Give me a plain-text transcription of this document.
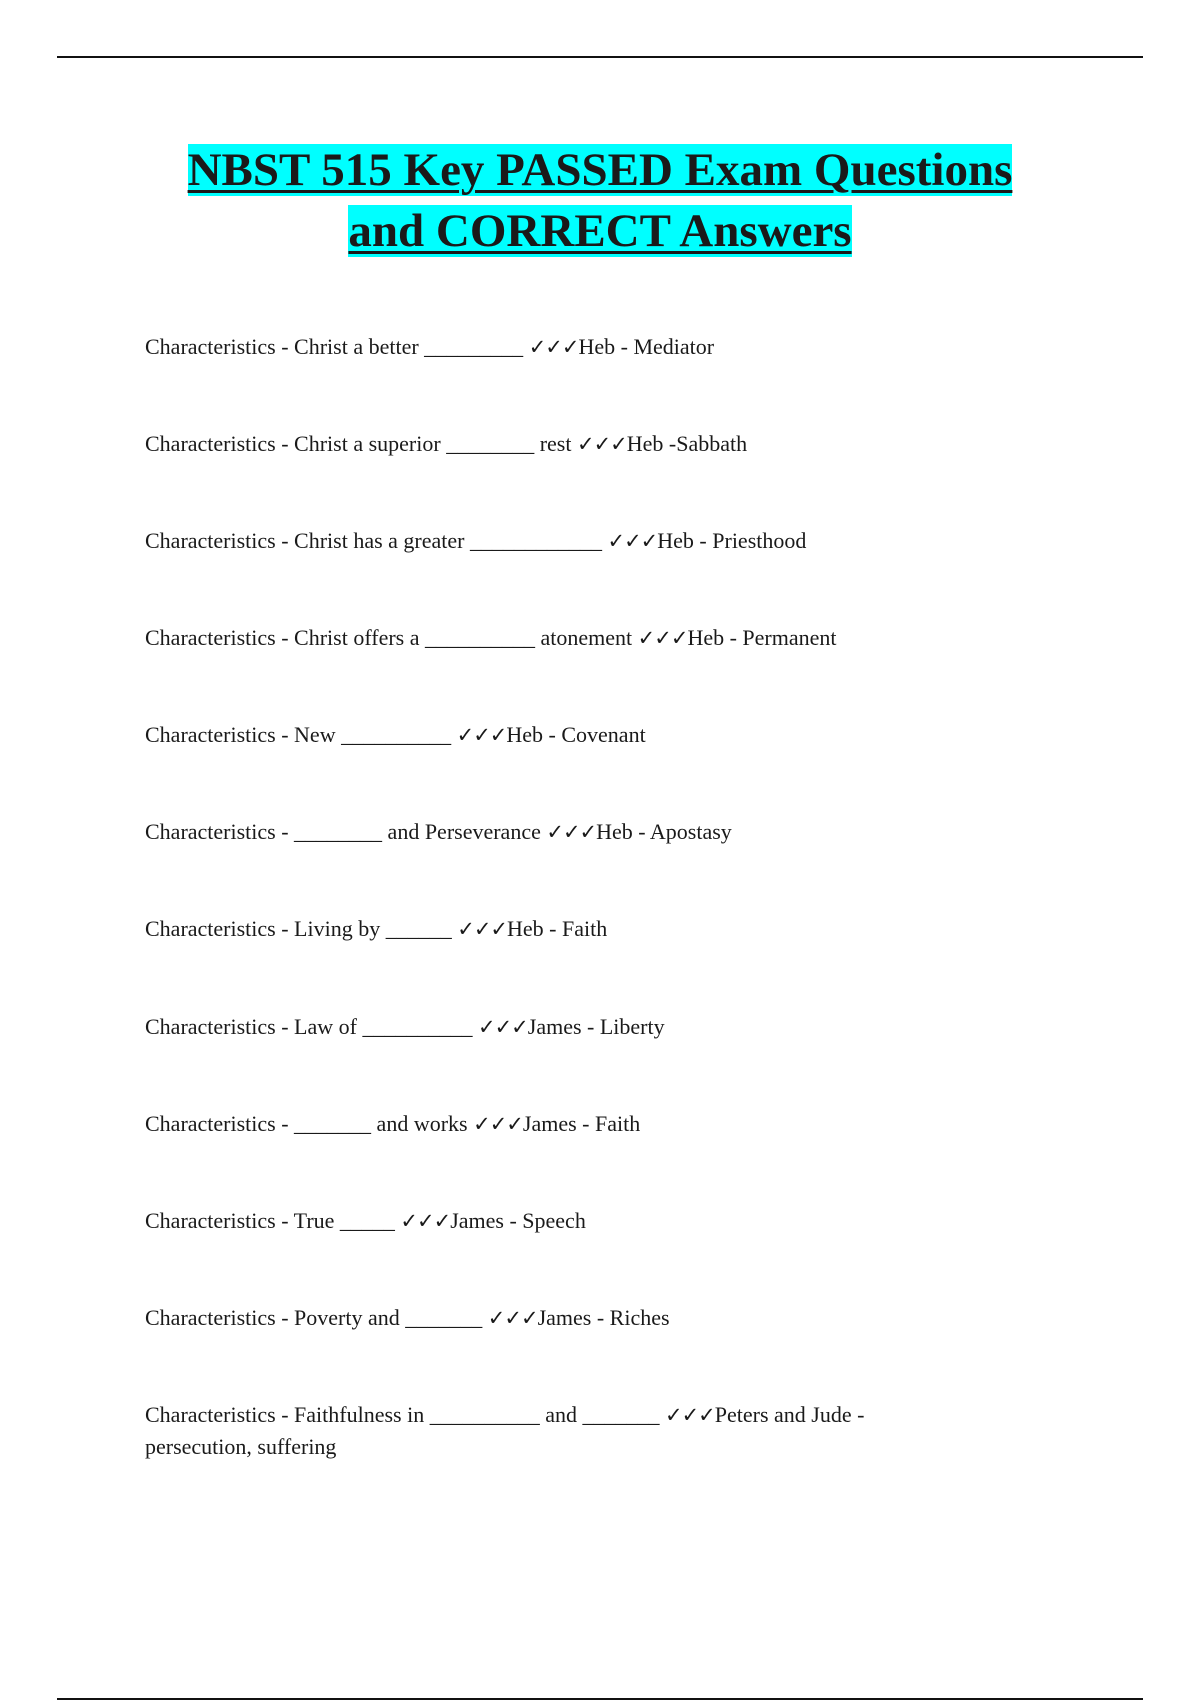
NBST 515 Key PASSED Exam Questions
and CORRECT Answers
Characteristics - Christ a better _________ ✓✓✓Heb - Mediator
Characteristics - Christ a superior ________ rest ✓✓✓Heb -Sabbath
Characteristics - Christ has a greater ____________ ✓✓✓Heb - Priesthood
Characteristics - Christ offers a __________ atonement ✓✓✓Heb - Permanent
Characteristics - New __________ ✓✓✓Heb - Covenant
Characteristics - ________ and Perseverance ✓✓✓Heb - Apostasy
Characteristics - Living by ______ ✓✓✓Heb - Faith
Characteristics - Law of __________ ✓✓✓James - Liberty
Characteristics - _______ and works ✓✓✓James - Faith
Characteristics - True _____ ✓✓✓James - Speech
Characteristics - Poverty and _______ ✓✓✓James - Riches
Characteristics - Faithfulness in __________ and _______ ✓✓✓Peters and Jude - persecution, suffering
